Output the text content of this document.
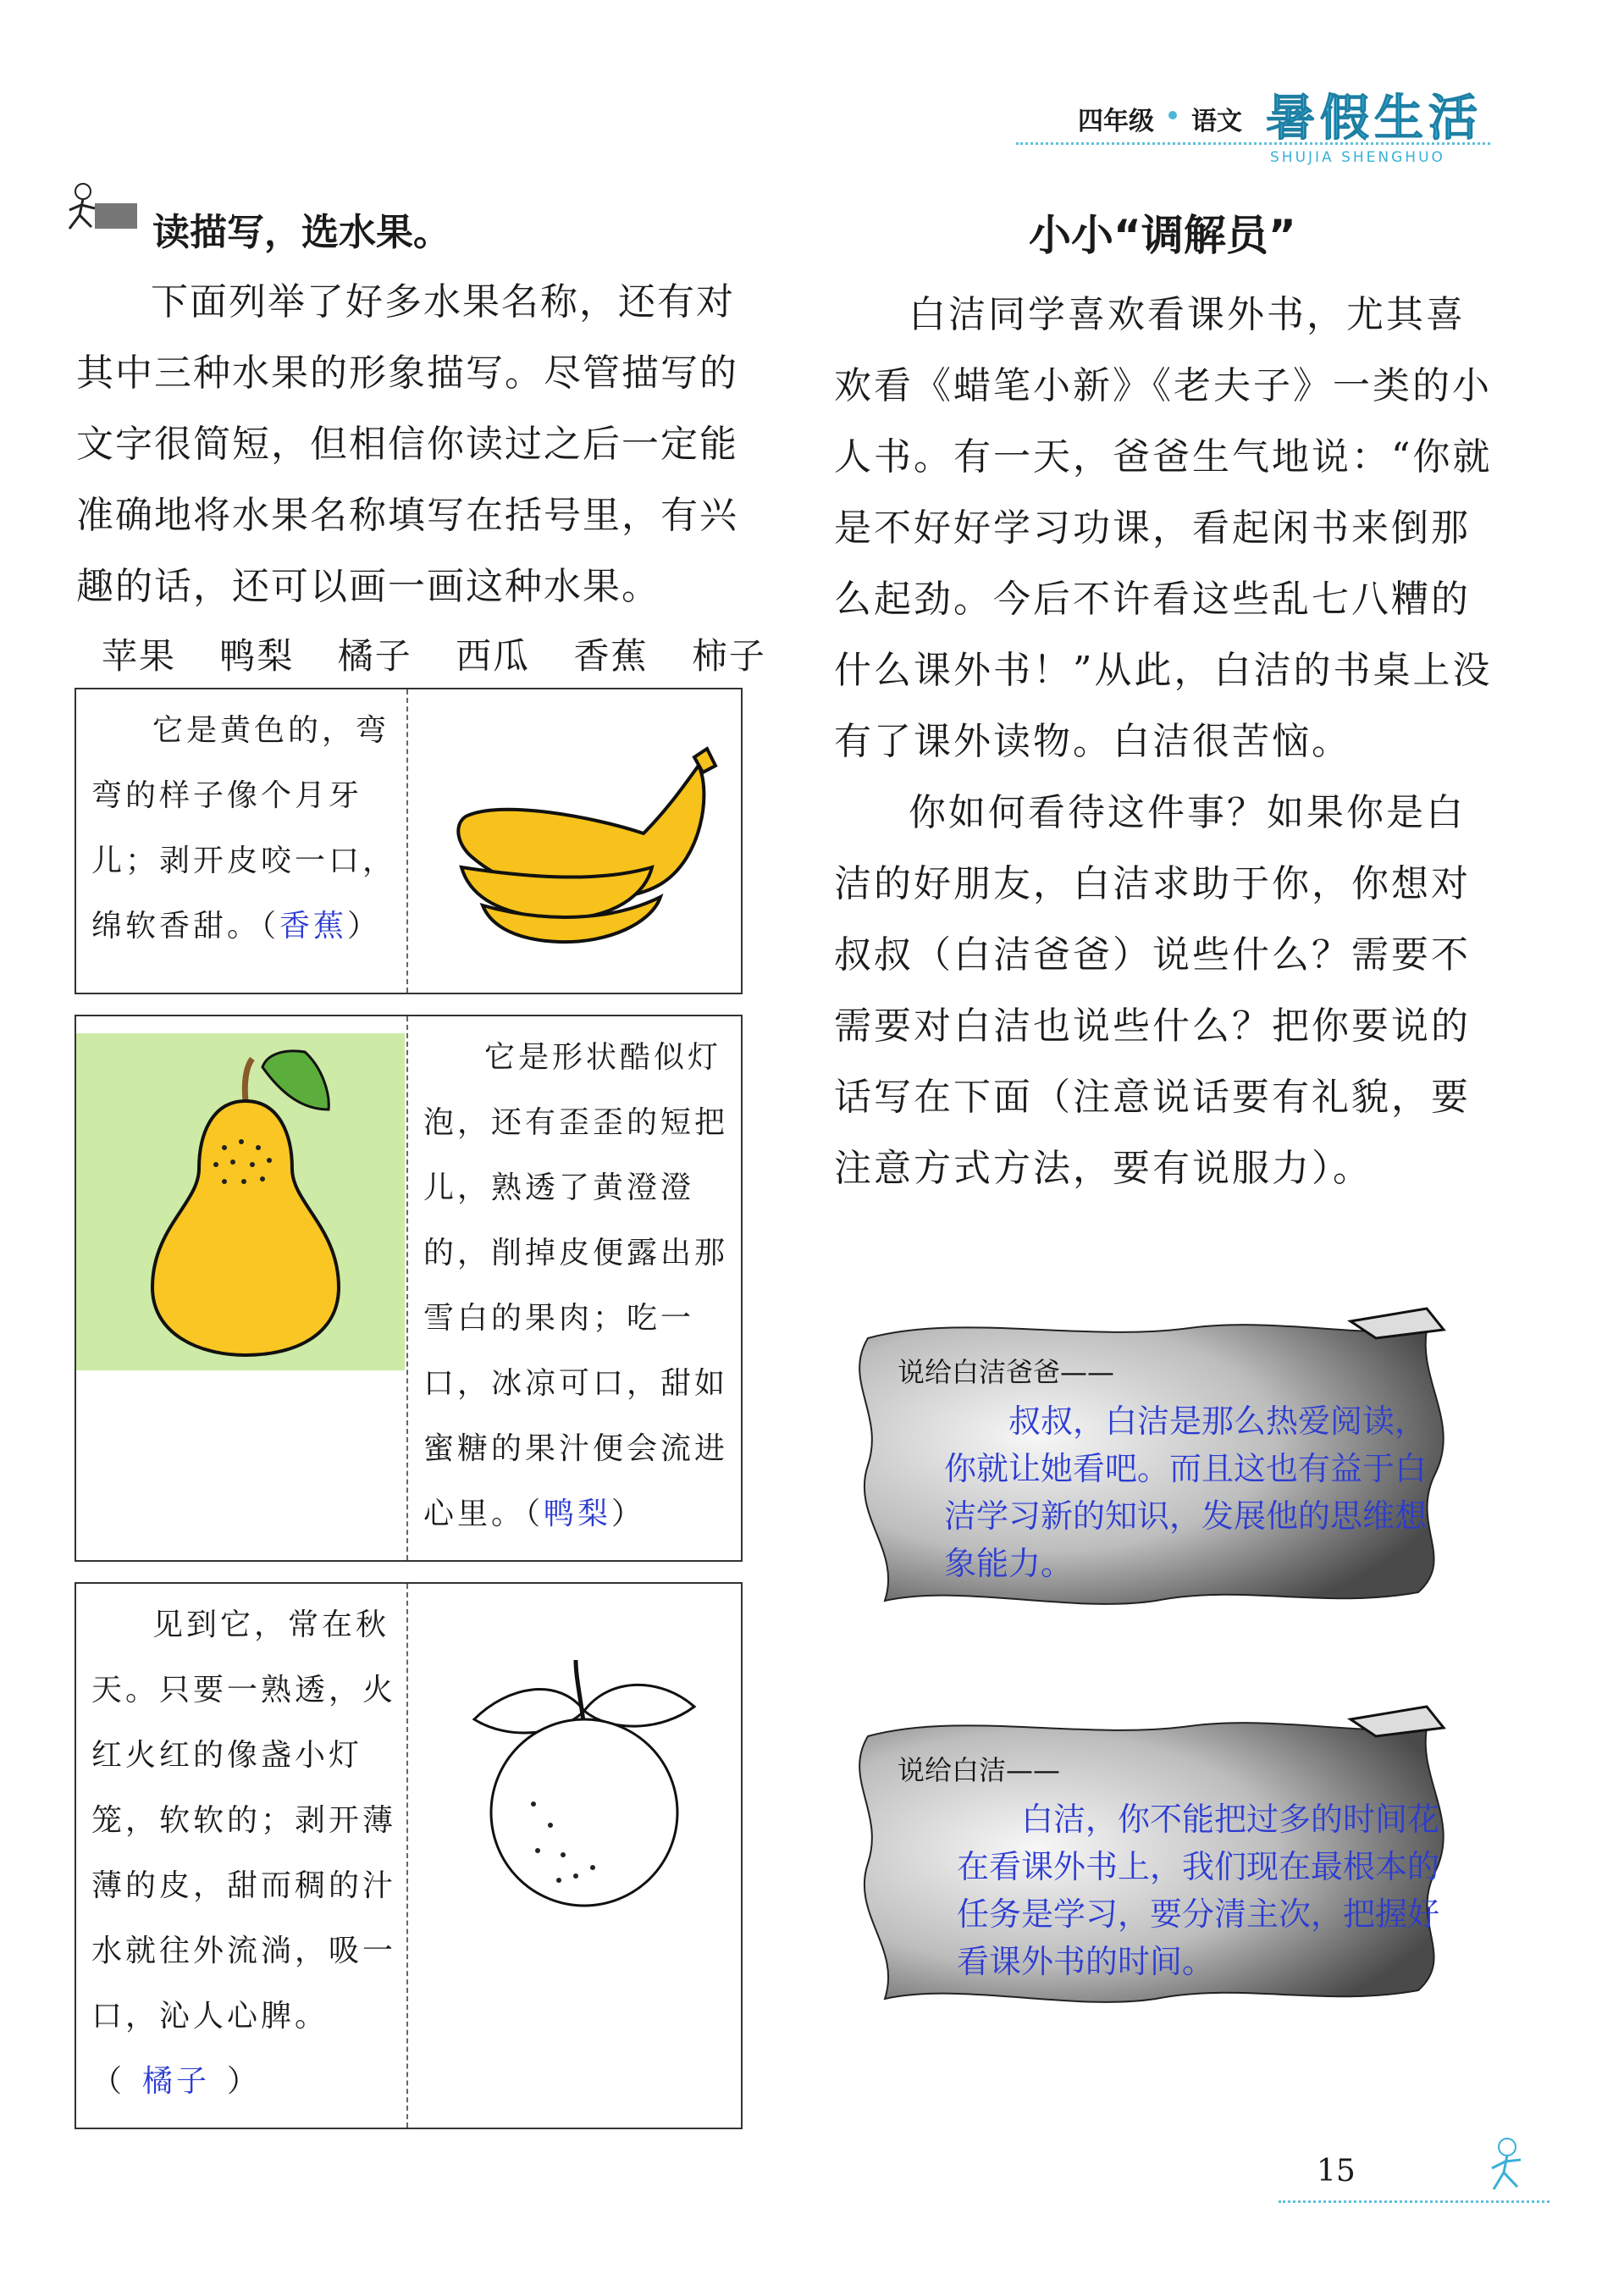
四年级 语文 暑假生活
SHUJIA SHENGHUO
读描写，选水果。

下面列举了好多水果名称，还有对其中三种水果的形象描写。尽管描写的文字很简短，但相信你读过之后一定能准确地将水果名称填写在括号里，有兴趣的话，还可以画一画这种水果。

苹果 鸭梨 橘子 西瓜 香蕉 柿子

它是黄色的，弯弯的样子像个月牙儿；剥开皮咬一口，绵软香甜。（香蕉）

它是形状酷似灯泡，还有歪歪的短把儿，熟透了黄澄澄的，削掉皮便露出那雪白的果肉；吃一口，冰凉可口，甜如蜜糖的果汁便会流进心里。（鸭梨）

见到它，常在秋天。只要一熟透，火红火红的像盏小灯笼，软软的；剥开薄薄的皮，甜而稠的汁水就往外流淌，吸一口，沁人心脾。

（ 橘子 ）
小小“调解员”

白洁同学喜欢看课外书，尤其喜欢看《蜡笔小新》《老夫子》一类的小人书。有一天，爸爸生气地说：“你就是不好好学习功课，看起闲书来倒那么起劲。今后不许看这些乱七八糟的什么课外书！”从此，白洁的书桌上没有了课外读物。白洁很苦恼。

你如何看待这件事？如果你是白洁的好朋友，白洁求助于你，你想对叔叔（白洁爸爸）说些什么？需要不需要对白洁也说些什么？把你要说的话写在下面（注意说话要有礼貌，要注意方式方法，要有说服力）。

说给白洁爸爸——

叔叔，白洁是那么热爱阅读，你就让她看吧。而且这也有益于白洁学习新的知识，发展他的思维想象能力。

说给白洁——

白洁，你不能把过多的时间花在看课外书上，我们现在最根本的任务是学习，要分清主次，把握好看课外书的时间。

15
